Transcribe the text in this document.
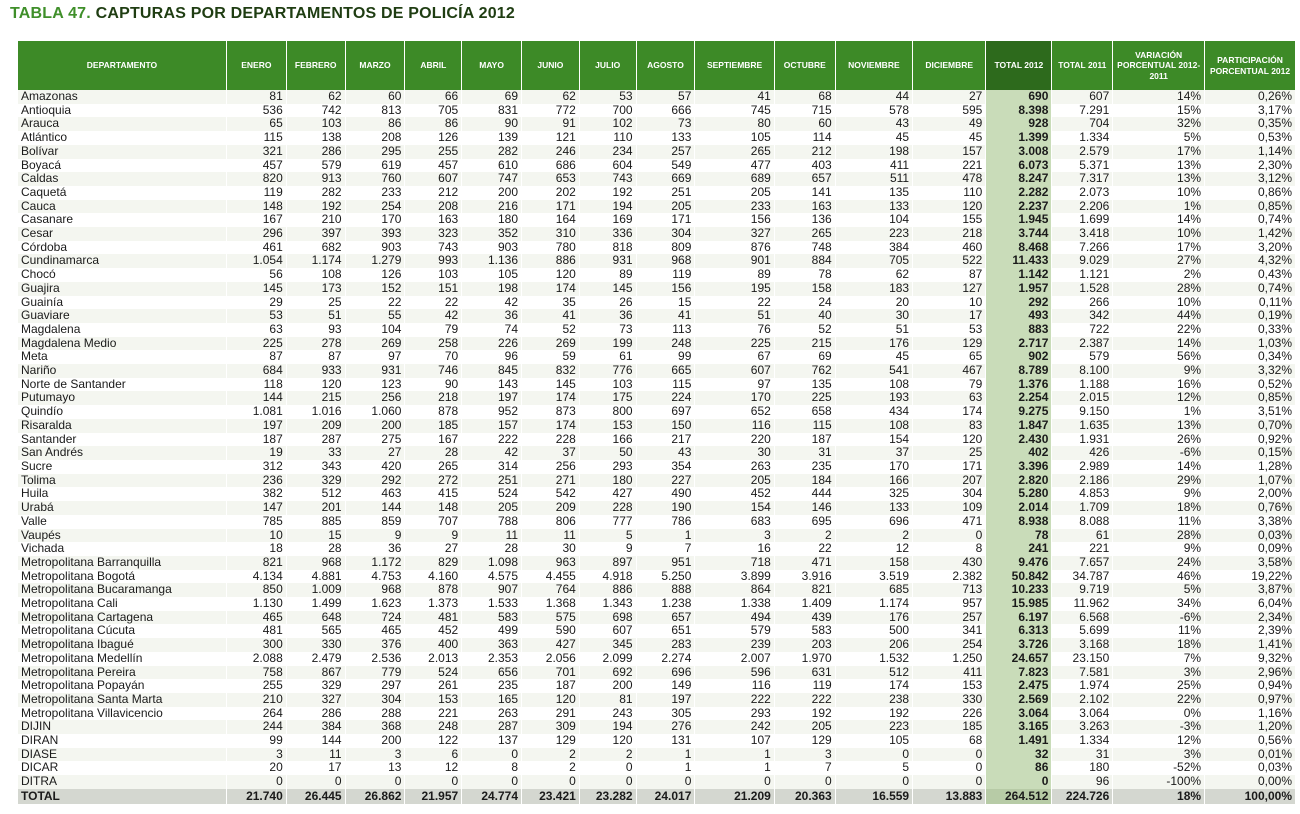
TABLA 47. CAPTURAS POR DEPARTAMENTOS DE POLICÍA 2012
DEPARTAMENTO	ENERO	FEBRERO	MARZO	ABRIL	MAYO	JUNIO	JULIO	AGOSTO	SEPTIEMBRE	OCTUBRE	NOVIEMBRE	DICIEMBRE	TOTAL 2012	TOTAL 2011	VARIACIÓN PORCENTUAL 2012-2011	PARTICIPACIÓN PORCENTUAL 2012
Amazonas	81	62	60	66	69	62	53	57	41	68	44	27	690	607	14%	0,26%
Antioquia	536	742	813	705	831	772	700	666	745	715	578	595	8.398	7.291	15%	3,17%
Arauca	65	103	86	86	90	91	102	73	80	60	43	49	928	704	32%	0,35%
Atlántico	115	138	208	126	139	121	110	133	105	114	45	45	1.399	1.334	5%	0,53%
Bolívar	321	286	295	255	282	246	234	257	265	212	198	157	3.008	2.579	17%	1,14%
Boyacá	457	579	619	457	610	686	604	549	477	403	411	221	6.073	5.371	13%	2,30%
Caldas	820	913	760	607	747	653	743	669	689	657	511	478	8.247	7.317	13%	3,12%
Caquetá	119	282	233	212	200	202	192	251	205	141	135	110	2.282	2.073	10%	0,86%
Cauca	148	192	254	208	216	171	194	205	233	163	133	120	2.237	2.206	1%	0,85%
Casanare	167	210	170	163	180	164	169	171	156	136	104	155	1.945	1.699	14%	0,74%
Cesar	296	397	393	323	352	310	336	304	327	265	223	218	3.744	3.418	10%	1,42%
Córdoba	461	682	903	743	903	780	818	809	876	748	384	460	8.468	7.266	17%	3,20%
Cundinamarca	1.054	1.174	1.279	993	1.136	886	931	968	901	884	705	522	11.433	9.029	27%	4,32%
Chocó	56	108	126	103	105	120	89	119	89	78	62	87	1.142	1.121	2%	0,43%
Guajira	145	173	152	151	198	174	145	156	195	158	183	127	1.957	1.528	28%	0,74%
Guainía	29	25	22	22	42	35	26	15	22	24	20	10	292	266	10%	0,11%
Guaviare	53	51	55	42	36	41	36	41	51	40	30	17	493	342	44%	0,19%
Magdalena	63	93	104	79	74	52	73	113	76	52	51	53	883	722	22%	0,33%
Magdalena Medio	225	278	269	258	226	269	199	248	225	215	176	129	2.717	2.387	14%	1,03%
Meta	87	87	97	70	96	59	61	99	67	69	45	65	902	579	56%	0,34%
Nariño	684	933	931	746	845	832	776	665	607	762	541	467	8.789	8.100	9%	3,32%
Norte de Santander	118	120	123	90	143	145	103	115	97	135	108	79	1.376	1.188	16%	0,52%
Putumayo	144	215	256	218	197	174	175	224	170	225	193	63	2.254	2.015	12%	0,85%
Quindío	1.081	1.016	1.060	878	952	873	800	697	652	658	434	174	9.275	9.150	1%	3,51%
Risaralda	197	209	200	185	157	174	153	150	116	115	108	83	1.847	1.635	13%	0,70%
Santander	187	287	275	167	222	228	166	217	220	187	154	120	2.430	1.931	26%	0,92%
San Andrés	19	33	27	28	42	37	50	43	30	31	37	25	402	426	-6%	0,15%
Sucre	312	343	420	265	314	256	293	354	263	235	170	171	3.396	2.989	14%	1,28%
Tolima	236	329	292	272	251	271	180	227	205	184	166	207	2.820	2.186	29%	1,07%
Huila	382	512	463	415	524	542	427	490	452	444	325	304	5.280	4.853	9%	2,00%
Urabá	147	201	144	148	205	209	228	190	154	146	133	109	2.014	1.709	18%	0,76%
Valle	785	885	859	707	788	806	777	786	683	695	696	471	8.938	8.088	11%	3,38%
Vaupés	10	15	9	9	11	11	5	1	3	2	2	0	78	61	28%	0,03%
Vichada	18	28	36	27	28	30	9	7	16	22	12	8	241	221	9%	0,09%
Metropolitana Barranquilla	821	968	1.172	829	1.098	963	897	951	718	471	158	430	9.476	7.657	24%	3,58%
Metropolitana Bogotá	4.134	4.881	4.753	4.160	4.575	4.455	4.918	5.250	3.899	3.916	3.519	2.382	50.842	34.787	46%	19,22%
Metropolitana Bucaramanga	850	1.009	968	878	907	764	886	888	864	821	685	713	10.233	9.719	5%	3,87%
Metropolitana Cali	1.130	1.499	1.623	1.373	1.533	1.368	1.343	1.238	1.338	1.409	1.174	957	15.985	11.962	34%	6,04%
Metropolitana Cartagena	465	648	724	481	583	575	698	657	494	439	176	257	6.197	6.568	-6%	2,34%
Metropolitana Cúcuta	481	565	465	452	499	590	607	651	579	583	500	341	6.313	5.699	11%	2,39%
Metropolitana Ibagué	300	330	376	400	363	427	345	283	239	203	206	254	3.726	3.168	18%	1,41%
Metropolitana Medellín	2.088	2.479	2.536	2.013	2.353	2.056	2.099	2.274	2.007	1.970	1.532	1.250	24.657	23.150	7%	9,32%
Metropolitana Pereira	758	867	779	524	656	701	692	696	596	631	512	411	7.823	7.581	3%	2,96%
Metropolitana Popayán	255	329	297	261	235	187	200	149	116	119	174	153	2.475	1.974	25%	0,94%
Metropolitana Santa Marta	210	327	304	153	165	120	81	197	222	222	238	330	2.569	2.102	22%	0,97%
Metropolitana Villavicencio	264	286	288	221	263	291	243	305	293	192	192	226	3.064	3.064	0%	1,16%
DIJIN	244	384	368	248	287	309	194	276	242	205	223	185	3.165	3.263	-3%	1,20%
DIRAN	99	144	200	122	137	129	120	131	107	129	105	68	1.491	1.334	12%	0,56%
DIASE	3	11	3	6	0	2	2	1	1	3	0	0	32	31	3%	0,01%
DICAR	20	17	13	12	8	2	0	1	1	7	5	0	86	180	-52%	0,03%
DITRA	0	0	0	0	0	0	0	0	0	0	0	0	0	96	-100%	0,00%
TOTAL	21.740	26.445	26.862	21.957	24.774	23.421	23.282	24.017	21.209	20.363	16.559	13.883	264.512	224.726	18%	100,00%
